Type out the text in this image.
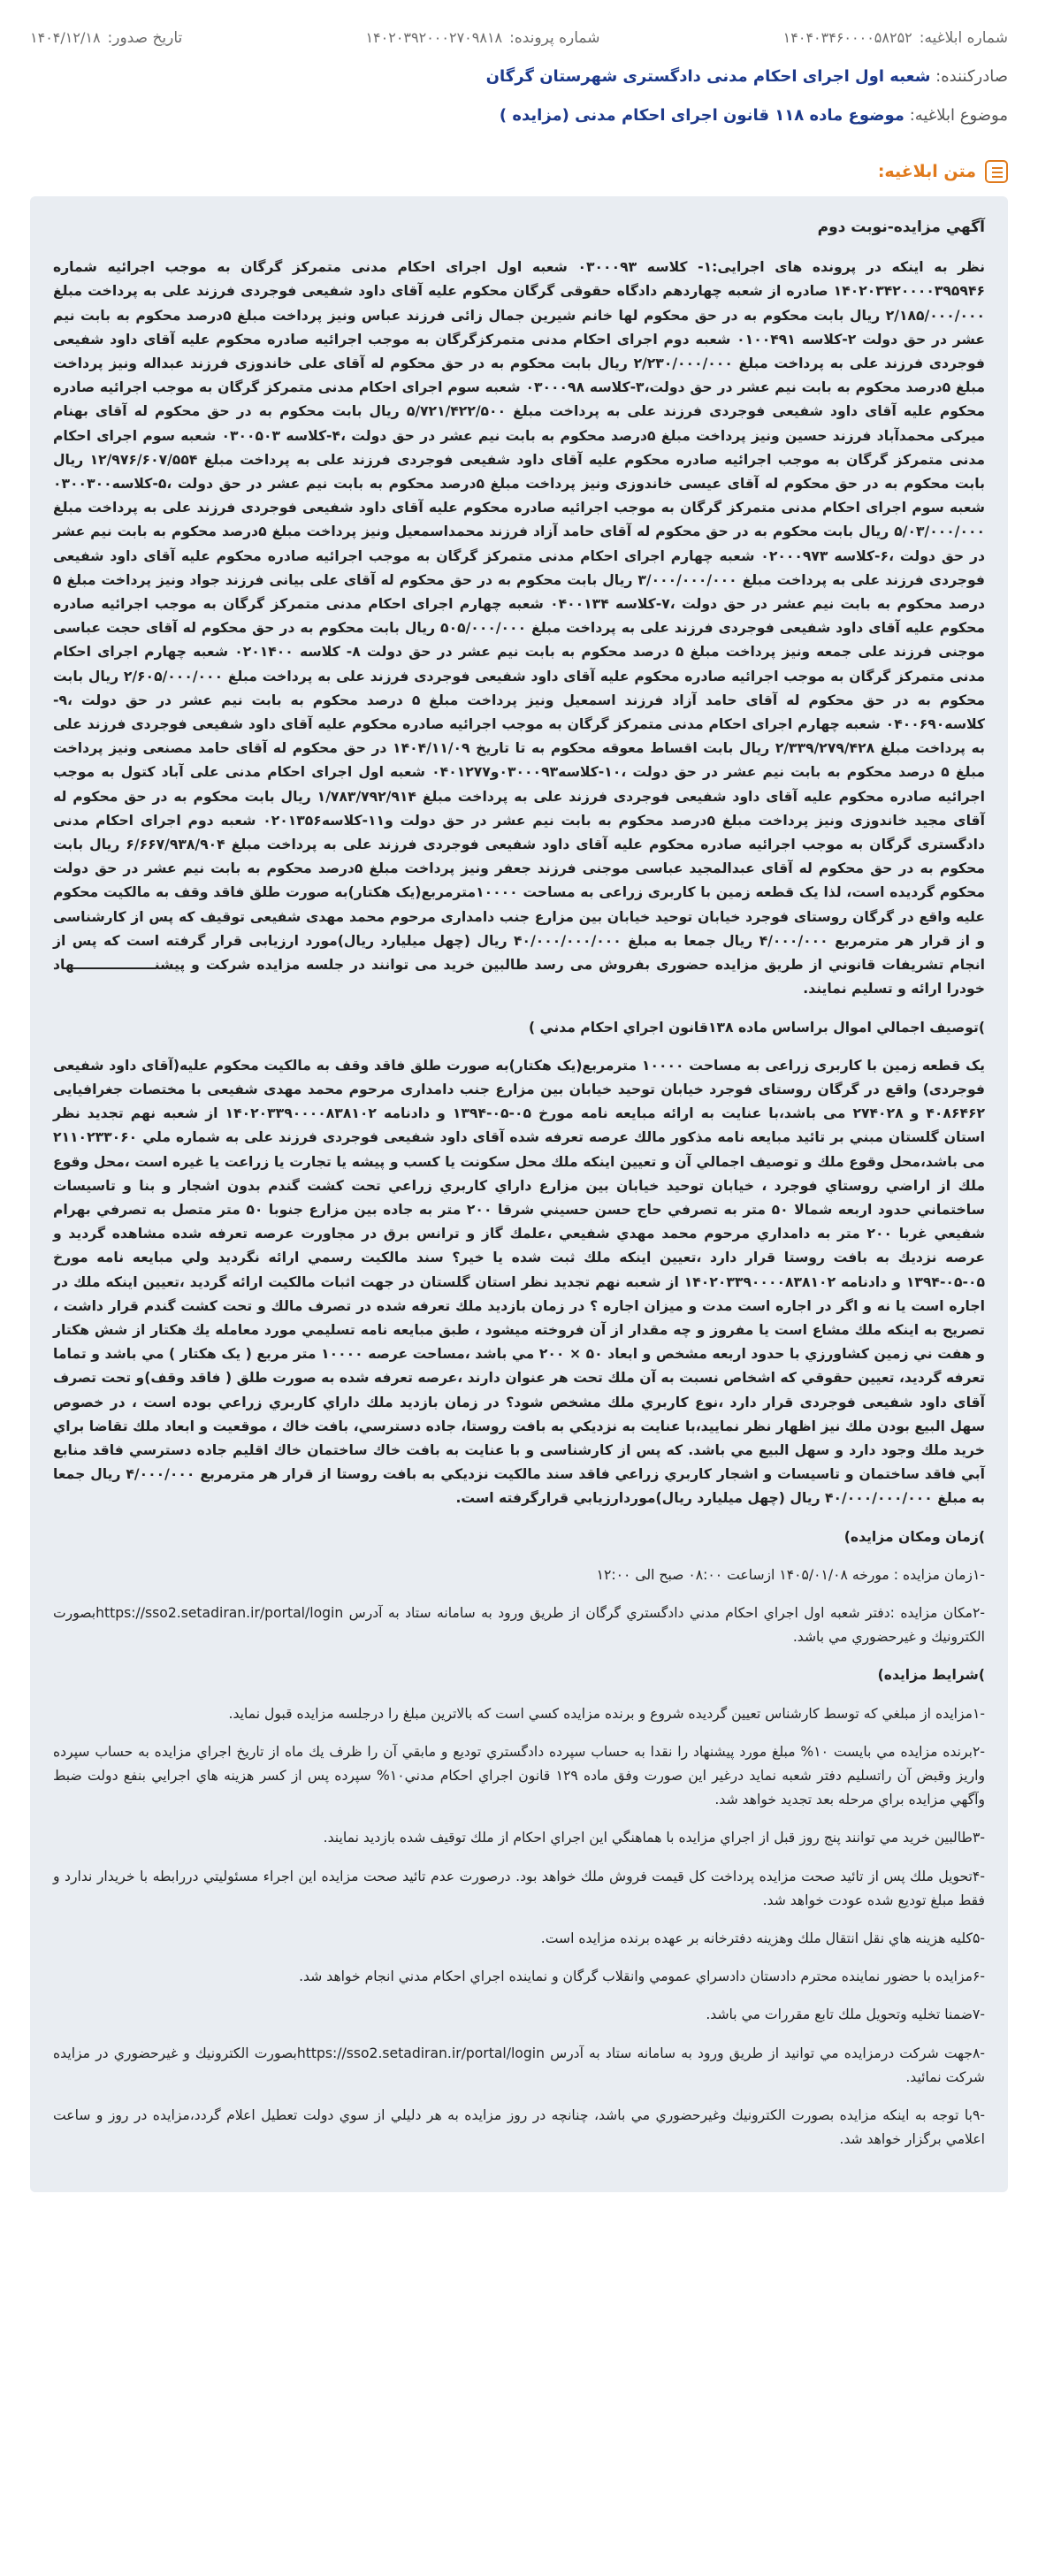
شماره ابلاغیه:
۱۴۰۴۰۳۴۶۰۰۰۰۵۸۲۵۲
شماره پرونده:
۱۴۰۲۰۳۹۲۰۰۰۲۷۰۹۸۱۸
تاریخ صدور:
۱۴۰۴/۱۲/۱۸
صادرکننده: شعبه اول اجرای احکام مدنی دادگستری شهرستان گرگان
موضوع ابلاغیه: موضوع ماده ۱۱۸ قانون اجرای احکام مدنی (مزایده )
متن ابلاغیه:
آگهي مزايده-نوبت دوم

نظر به اینکه در پرونده های اجرایی:۱- کلاسه ۰۳۰۰۰۹۳ شعبه اول اجرای احکام مدنی متمرکز گرگان به موجب اجرائیه شماره ۱۴۰۲۰۳۴۲۰۰۰۰۳۹۵۹۴۶ صادره از شعبه چهاردهم دادگاه حقوقی گرگان محکوم علیه آقای داود شفیعی فوجردی فرزند علی به پرداخت مبلغ ۲/۱۸۵/۰۰۰/۰۰۰ ریال بابت محکوم به در حق محکوم لها خانم شیرین جمال زائی فرزند عباس ونیز پرداخت مبلغ ۵درصد محکوم به بابت نیم عشر در حق دولت ۲-کلاسه ۰۱۰۰۴۹۱ شعبه دوم اجرای احکام مدنی متمرکزگرگان به موجب اجرائیه صادره محکوم علیه آقای داود شفیعی فوجردی فرزند علی به پرداخت مبلغ ۲/۲۳۰/۰۰۰/۰۰۰ ریال بابت محکوم به در حق محکوم له آقای علی خاندوزی فرزند عبداله ونیز پرداخت مبلغ ۵درصد محکوم به بابت نیم عشر در حق دولت،۳-کلاسه ۰۳۰۰۰۹۸ شعبه سوم اجرای احکام مدنی متمرکز گرگان به موجب اجرائیه صادره محکوم علیه آقای داود شفیعی فوجردی فرزند علی به پرداخت مبلغ ۵/۷۲۱/۴۲۲/۵۰۰ ریال بابت محکوم به در حق محکوم له آقای بهنام میرکی محمدآباد فرزند حسین ونیز پرداخت مبلغ ۵درصد محکوم به بابت نیم عشر در حق دولت ،۴-کلاسه ۰۳۰۰۵۰۳ شعبه سوم اجرای احکام مدنی متمرکز گرگان به موجب اجرائیه صادره محکوم علیه آقای داود شفیعی فوجردی فرزند علی به پرداخت مبلغ ۱۲/۹۷۶/۶۰۷/۵۵۴ ریال بابت محکوم به در حق محکوم له آقای عیسی خاندوزی ونیز پرداخت مبلغ ۵درصد محکوم به بابت نیم عشر در حق دولت ،۵-کلاسه۰۳۰۰۳۰۰ شعبه سوم اجرای احکام مدنی متمرکز گرگان به موجب اجرائیه صادره محکوم علیه آقای داود شفیعی فوجردی فرزند علی به پرداخت مبلغ ۵/۰۳/۰۰۰/۰۰۰ ریال بابت محکوم به در حق محکوم له آقای حامد آزاد فرزند محمداسمعیل ونیز پرداخت مبلغ ۵درصد محکوم به بابت نیم عشر در حق دولت ،۶-کلاسه ۰۲۰۰۰۹۷۳ شعبه چهارم اجرای احکام مدنی متمرکز گرگان به موجب اجرائیه صادره محکوم علیه آقای داود شفیعی فوجردی فرزند علی به پرداخت مبلغ ۳/۰۰۰/۰۰۰/۰۰۰ ریال بابت محکوم به در حق محکوم له آقای علی بیانی فرزند جواد ونیز پرداخت مبلغ ۵ درصد محکوم به بابت نیم عشر در حق دولت ،۷-کلاسه ۰۴۰۰۱۳۴ شعبه چهارم اجرای احکام مدنی متمرکز گرگان به موجب اجرائیه صادره محکوم علیه آقای داود شفیعی فوجردی فرزند علی به پرداخت مبلغ ۵۰۵/۰۰۰/۰۰۰ ریال بابت محکوم به در حق محکوم له آقای حجت عباسی موجنی فرزند علی جمعه ونیز پرداخت مبلغ ۵ درصد محکوم به بابت نیم عشر در حق دولت ۸- کلاسه ۰۲۰۱۴۰۰ شعبه چهارم اجرای احکام مدنی متمرکز گرگان به موجب اجرائیه صادره محکوم علیه آقای داود شفیعی فوجردی فرزند علی به پرداخت مبلغ ۲/۶۰۵/۰۰۰/۰۰۰ ریال بابت محکوم به در حق محکوم له آقای حامد آزاد فرزند اسمعیل ونیز پرداخت مبلغ ۵ درصد محکوم به بابت نیم عشر در حق دولت ،۹-کلاسه۰۴۰۰۶۹۰ شعبه چهارم اجرای احکام مدنی متمرکز گرگان به موجب اجرائیه صادره محکوم علیه آقای داود شفیعی فوجردی فرزند علی به پرداخت مبلغ ۲/۳۳۹/۲۷۹/۴۲۸ ریال بابت اقساط معوقه محکوم به تا تاریخ ۱۴۰۴/۱۱/۰۹ در حق محکوم له آقای حامد مصنعی ونیز پرداخت مبلغ ۵ درصد محکوم به بابت نیم عشر در حق دولت ،۱۰-کلاسه۰۳۰۰۰۹۳و۰۴۰۱۲۷۷ شعبه اول اجرای احکام مدنی علی آباد کتول به موجب اجرائیه صادره محکوم علیه آقای داود شفیعی فوجردی فرزند علی به پرداخت مبلغ ۱/۷۸۳/۷۹۲/۹۱۴ ریال بابت محکوم به در حق محکوم له آقای مجید خاندوزی ونیز پرداخت مبلغ ۵درصد محکوم به بابت نیم عشر در حق دولت و۱۱-کلاسه۰۲۰۱۳۵۶ شعبه دوم اجرای احکام مدنی دادگستری گرگان به موجب اجرائیه صادره محکوم علیه آقای داود شفیعی فوجردی فرزند علی به پرداخت مبلغ ۶/۶۶۷/۹۳۸/۹۰۴ ریال بابت محکوم به در حق محکوم له آقای عبدالمجید عباسی موجنی فرزند جعفر ونیز پرداخت مبلغ ۵درصد محکوم به بابت نیم عشر در حق دولت محکوم گردیده است، لذا یک قطعه زمین با کاربری زراعی به مساحت ۱۰۰۰۰مترمربع(یک هکتار)به صورت طلق فاقد وقف به مالکیت محکوم علیه واقع در گرگان روستای فوجرد خیابان توحید خیابان بین مزارع جنب دامداری مرحوم محمد مهدی شفیعی توقیف که پس از کارشناسی و از قرار هر مترمربع ۴/۰۰۰/۰۰۰ ریال جمعا به مبلغ ۴۰/۰۰۰/۰۰۰/۰۰۰ ریال (چهل میلیارد ریال)مورد ارزیابی قرار گرفته است که پس از انجام تشریفات قانوني از طریق مزایده حضوری بفروش می رسد طالبین خرید می توانند در جلسه مزایده شرکت و پیشنـــــــــــــــــهاد خودرا ارائه و تسلیم نمایند.

)توصيف اجمالي اموال براساس ماده ۱۳۸قانون اجراي احكام مدني )

یک قطعه زمین با کاربری زراعی به مساحت ۱۰۰۰۰ مترمربع(یک هکتار)به صورت طلق فاقد وقف به مالکیت محکوم علیه(آقای داود شفیعی فوجردی) واقع در گرگان روستای فوجرد خیابان توحید خیابان بین مزارع جنب دامداری مرحوم محمد مهدی شفیعی با مختصات جغرافیایی ۴۰۸۶۴۶۲ و ۲۷۴۰۲۸ می باشد،با عنایت به ارائه مبایعه نامه مورخ ۰۵-۰۵-۱۳۹۴ و دادنامه ۱۴۰۲۰۳۳۹۰۰۰۰۸۳۸۱۰۲ از شعبه نهم تجدید نظر استان گلستان مبني بر تائید مبایعه نامه مذکور مالك عرصه تعرفه شده آقای داود شفیعی فوجردی فرزند علی به شماره ملي ۲۱۱۰۲۳۳۰۶۰ می باشد،محل وقوع ملك و توصيف اجمالي آن و تعيين اينكه ملك محل سكونت يا كسب و پيشه يا تجارت يا زراعت يا غيره است ،محل وقوع ملك از اراضي روستاي فوجرد ، خيابان توحيد خيابان بين مزارع داراي كاربري زراعي تحت كشت گندم بدون اشجار و بنا و تاسيسات ساختماني حدود اربعه شمالا ۵۰ متر به تصرفي حاج حسن حسيني شرقا ۲۰۰ متر به جاده بين مزارع جنوبا ۵۰ متر متصل به تصرفي بهرام شفيعي غربا ۲۰۰ متر به دامداري مرحوم محمد مهدي شفيعي ،علمك گاز و ترانس برق در مجاورت عرصه تعرفه شده مشاهده گرديد و عرصه نزديك به بافت روستا قرار دارد ،تعيين اينكه ملك ثبت شده یا خیر؟ سند مالکیت رسمي ارائه نگرديد ولي مبايعه نامه مورخ ۰۵-۰۵-۱۳۹۴ و دادنامه ۱۴۰۲۰۳۳۹۰۰۰۰۸۳۸۱۰۲ از شعبه نهم تجديد نظر استان گلستان در جهت اثبات مالكيت ارائه گرديد ،تعيين اينكه ملك در اجاره است يا نه و اگر در اجاره است مدت و ميزان اجاره ؟ در زمان بازديد ملك تعرفه شده در تصرف مالك و تحت كشت گندم قرار داشت ، تصريح به اينكه ملك مشاع است يا مفروز و چه مقدار از آن فروخته ميشود ، طبق مبايعه نامه تسليمي مورد معامله يك هكتار از شش هكتار و هفت ني زمين كشاورزي با حدود اربعه مشخص و ابعاد ۵۰ × ۲۰۰ مي باشد ،مساحت عرصه ۱۰۰۰۰ متر مربع ( یک هكتار ) مي باشد و تماما تعرفه گرديد، تعيين حقوقي كه اشخاص نسبت به آن ملك تحت هر عنوان دارند ،عرصه تعرفه شده به صورت طلق ( فاقد وقف)و تحت تصرف آقای داود شفیعی فوجردی قرار دارد ،نوع كاربري ملك مشخص شود؟ در زمان بازديد ملك داراي كاربري زراعي بوده است ، در خصوص سهل البيع بودن ملك نيز اظهار نظر نماييد،با عنايت به نزديكي به بافت روستا، جاده دسترسي، بافت خاك ، موقعيت و ابعاد ملك تقاضا براي خريد ملك وجود دارد و سهل البيع مي باشد. كه پس از كارشناسی و با عنايت به بافت خاك ساختمان خاك اقليم جاده دسترسي فاقد منابع آبي فاقد ساختمان و تاسيسات و اشجار كاربري زراعي فاقد سند مالكيت نزديكي به بافت روستا از قرار هر مترمربع ۴/۰۰۰/۰۰۰ ریال جمعا به مبلغ ۴۰/۰۰۰/۰۰۰/۰۰۰ ریال (چهل میلیارد ریال)موردارزيابي قرارگرفته است.

)زمان ومكان مزايده)
-۱زمان مزايده : مورخه ۱۴۰۵/۰۱/۰۸ ازساعت ۰۸:۰۰ صبح الی ۱۲:۰۰
-۲مكان مزايده :دفتر شعبه اول اجراي احكام مدني دادگستري گرگان از طريق ورود به سامانه ستاد به آدرس https://sso2.setadiran.ir/portal/loginبصورت الكترونيك و غيرحضوري مي باشد.
)شرايط مزايده)
-۱مزايده از مبلغي كه توسط كارشناس تعيين گرديده شروع و برنده مزايده كسي است كه بالاترين مبلغ را درجلسه مزايده قبول نمايد.
-۲برنده مزايده مي بايست ۱۰% مبلغ مورد پيشنهاد را نقدا به حساب سپرده دادگستري توديع و مابقي آن را ظرف يك ماه از تاريخ اجراي مزايده به حساب سپرده واريز وقبض آن راتسليم دفتر شعبه نمايد درغير اين صورت وفق ماده ۱۲۹ قانون اجراي احكام مدني۱۰% سپرده پس از كسر هزينه هاي اجرايي بنفع دولت ضبط وآگهي مزايده براي مرحله بعد تجديد خواهد شد.
-۳طالبين خريد مي توانند پنج روز قبل از اجراي مزايده با هماهنگي اين اجراي احكام از ملك توقيف شده بازديد نمايند.
-۴تحويل ملك پس از تائيد صحت مزايده پرداخت كل قيمت فروش ملك خواهد بود. درصورت عدم تائيد صحت مزايده اين اجراء مسئوليتي دررابطه با خريدار ندارد و فقط مبلغ توديع شده عودت خواهد شد.
-۵كليه هزينه هاي نقل انتقال ملك وهزينه دفترخانه بر عهده برنده مزايده است.
-۶مزايده با حضور نماينده محترم دادستان دادسراي عمومي وانقلاب گرگان و نماينده اجراي احكام مدني انجام خواهد شد.
-۷ضمنا تخليه وتحويل ملك تابع مقررات مي باشد.
-۸جهت شركت درمزايده مي توانيد از طريق ورود به سامانه ستاد به آدرس https://sso2.setadiran.ir/portal/loginبصورت الكترونيك و غيرحضوري در مزايده شركت نمائيد.
-۹با توجه به اينكه مزايده بصورت الكترونيك وغيرحضوري مي باشد، چنانچه در روز مزايده به هر دليلي از سوي دولت تعطيل اعلام گردد،مزايده در روز و ساعت اعلامي برگزار خواهد شد.
